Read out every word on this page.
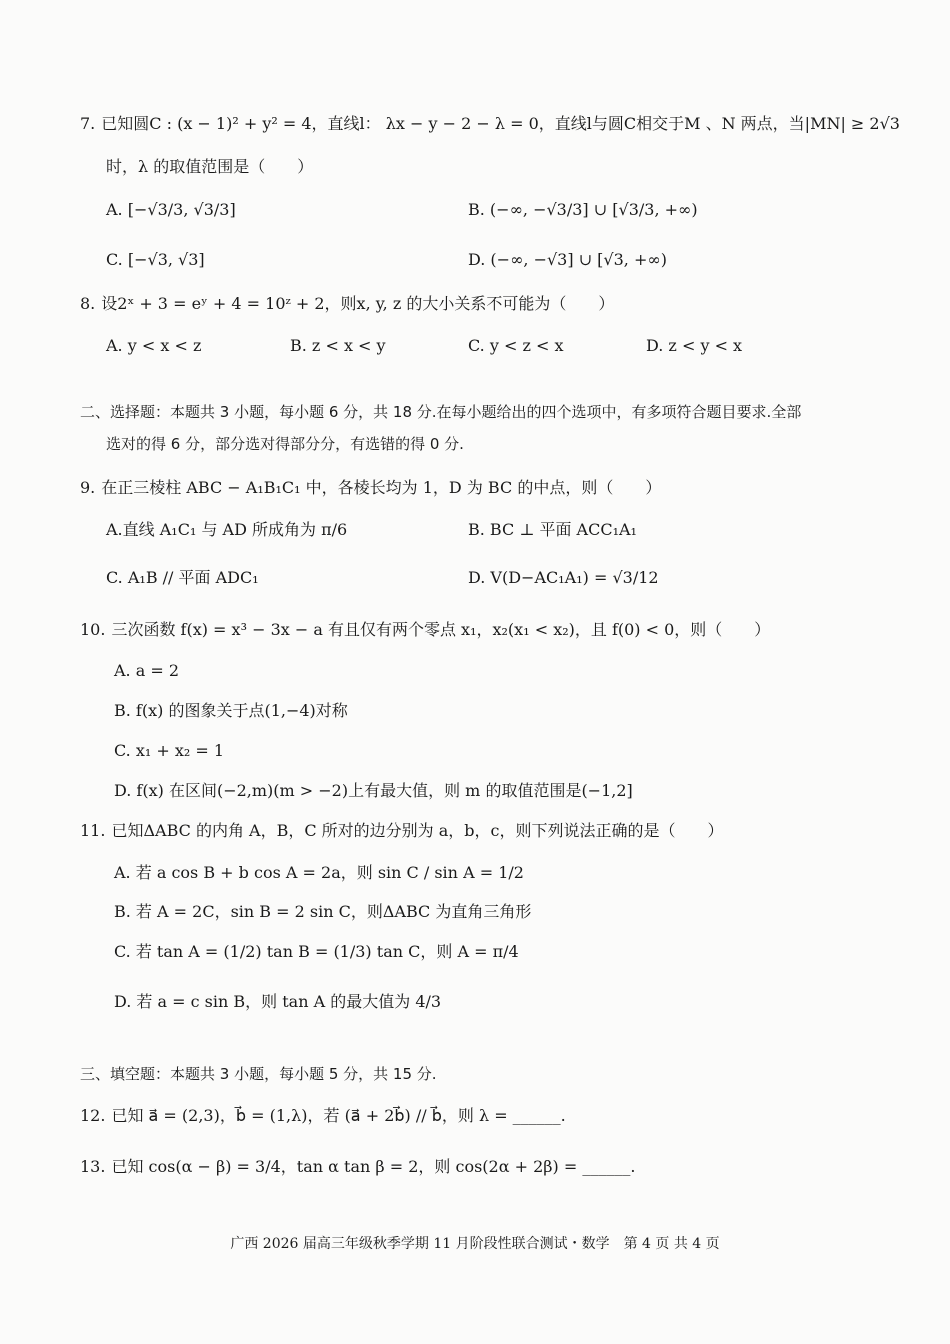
7. 已知圆C : (x − 1)² + y² = 4，直线l： λx − y − 2 − λ = 0，直线l与圆C相交于M 、N 两点，当|MN| ≥ 2√3
时，λ 的取值范围是（　　）
A. [−√3/3, √3/3]	B. (−∞, −√3/3] ∪ [√3/3, +∞)
C. [−√3, √3]	D. (−∞, −√3] ∪ [√3, +∞)
8. 设2ˣ + 3 = eʸ + 4 = 10ᶻ + 2，则x, y, z 的大小关系不可能为（　　）
A. y < x < z	B. z < x < y	C. y < z < x	D. z < y < x
二、选择题：本题共 3 小题，每小题 6 分，共 18 分.在每小题给出的四个选项中，有多项符合题目要求.全部
选对的得 6 分，部分选对得部分分，有选错的得 0 分.
9. 在正三棱柱 ABC − A₁B₁C₁ 中，各棱长均为 1，D 为 BC 的中点，则（　　）
A.直线 A₁C₁ 与 AD 所成角为 π/6	B. BC ⊥ 平面 ACC₁A₁
C. A₁B // 平面 ADC₁	D. V(D−AC₁A₁) = √3/12
10. 三次函数 f(x) = x³ − 3x − a 有且仅有两个零点 x₁，x₂(x₁ < x₂)，且 f(0) < 0，则（　　）
A. a = 2
B. f(x) 的图象关于点(1,−4)对称
C. x₁ + x₂ = 1
D. f(x) 在区间(−2,m)(m > −2)上有最大值，则 m 的取值范围是(−1,2]
11. 已知ΔABC 的内角 A，B，C 所对的边分别为 a，b，c，则下列说法正确的是（　　）
A. 若 a cos B + b cos A = 2a，则 sin C / sin A = 1/2
B. 若 A = 2C，sin B = 2 sin C，则ΔABC 为直角三角形
C. 若 tan A = (1/2) tan B = (1/3) tan C，则 A = π/4
D. 若 a = c sin B，则 tan A 的最大值为 4/3
三、填空题：本题共 3 小题，每小题 5 分，共 15 分.
12. 已知 a⃗ = (2,3)，b⃗ = (1,λ)，若 (a⃗ + 2b⃗) // b⃗，则 λ = ______.
13. 已知 cos(α − β) = 3/4，tan α tan β = 2，则 cos(2α + 2β) = ______.
广西 2026 届高三年级秋季学期 11 月阶段性联合测试・数学　第 4 页 共 4 页
